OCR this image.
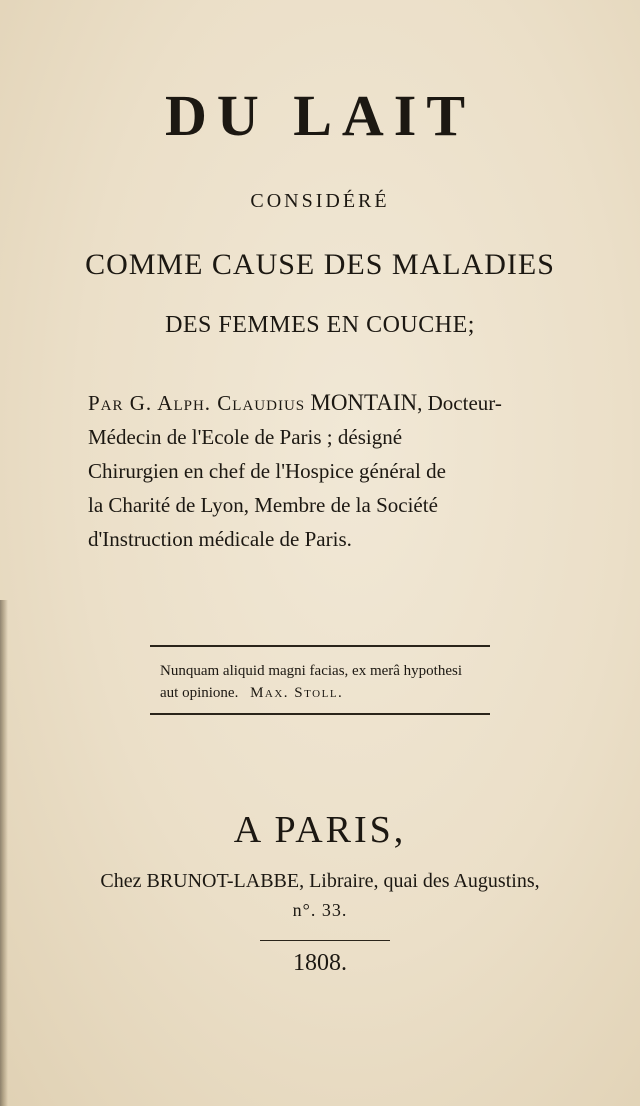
DU LAIT
CONSIDÉRÉ
COMME CAUSE DES MALADIES
DES FEMMES EN COUCHE;
Par G. Alph. Claudius MONTAIN, Docteur-
Médecin de l'Ecole de Paris ; désigné
Chirurgien en chef de l'Hospice général de
la Charité de Lyon, Membre de la Société
d'Instruction médicale de Paris.
Nunquam aliquid magni facias, ex merâ hypothesi
aut opinione. Max. Stoll.
A PARIS,
Chez BRUNOT-LABBE, Libraire, quai des Augustins,
n°. 33.
1808.
